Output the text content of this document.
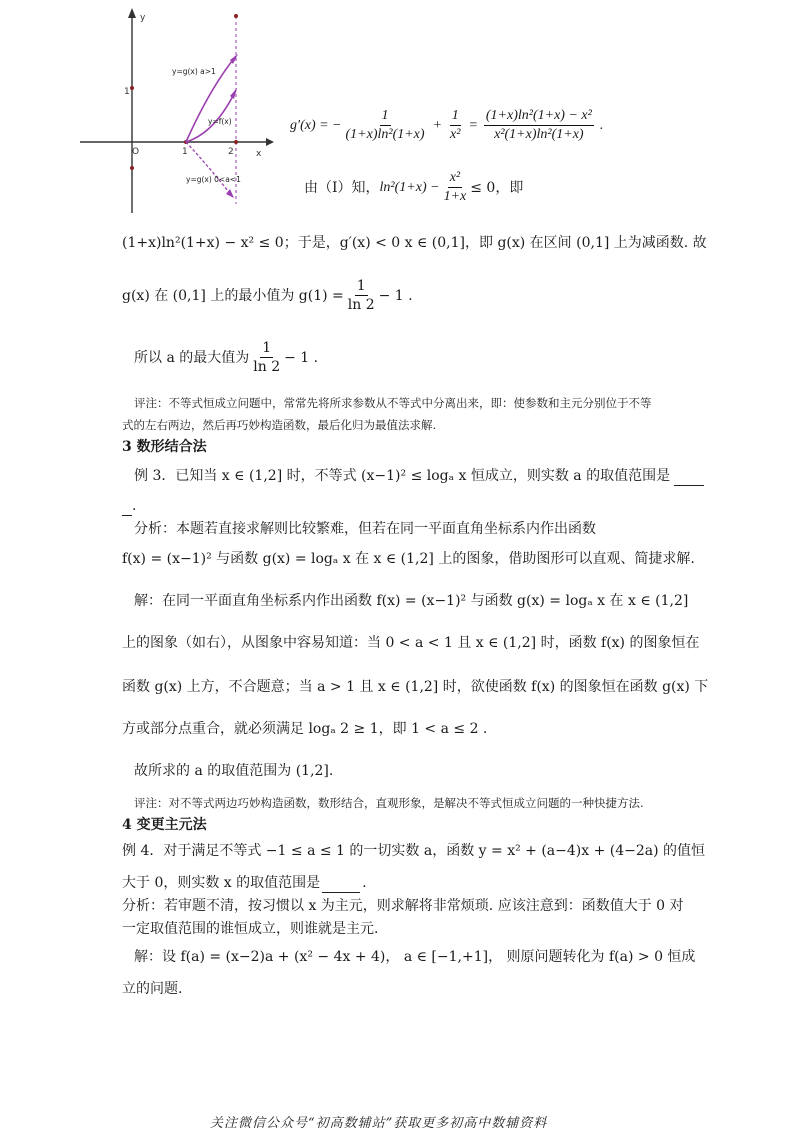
y
x
O	1	2
1
y=g(x) a>1
y=f(x)
y=g(x) 0<a<1
g′(x) = − $\frac{1}{\text{(1+x)ln²(1+x)}} + \frac{1}{\text{x²}} = \frac{\text{(1+x)ln²(1+x) − x²}}{\text{x²(1+x)ln²(1+x)}}$ .
由（I）知， $\ln^2(1+x) - \frac{\text{x²}}{1+x} \le 0$，即
(1+x)ln²(1+x) − x² ≤ 0；于是，g′(x) < 0 x ∈ (0,1]，即 g(x) 在区间 (0,1] 上为减函数. 故
g(x) 在 (0,1] 上的最小值为 $g(1) = \frac{1}{\ln 2} - 1$ .
所以 a 的最大值为 $\frac{1}{\ln 2} - 1$ .
评注：不等式恒成立问题中，常常先将所求参数从不等式中分离出来，即：使参数和主元分别位于不等
式的左右两边，然后再巧妙构造函数，最后化归为最值法求解.
3 数形结合法
例 3．已知当 x ∈ (1,2] 时，不等式 (x−1)² ≤ logₐ x 恒成立，则实数 a 的取值范围是
.
分析：本题若直接求解则比较繁难，但若在同一平面直角坐标系内作出函数
f(x) = (x−1)² 与函数 g(x) = logₐ x 在 x ∈ (1,2] 上的图象，借助图形可以直观、简捷求解.
解：在同一平面直角坐标系内作出函数 f(x) = (x−1)² 与函数 g(x) = logₐ x 在 x ∈ (1,2]
上的图象（如右），从图象中容易知道：当 0 < a < 1 且 x ∈ (1,2] 时，函数 f(x) 的图象恒在
函数 g(x) 上方，不合题意；当 a > 1 且 x ∈ (1,2] 时，欲使函数 f(x) 的图象恒在函数 g(x) 下
方或部分点重合，就必须满足 logₐ 2 ≥ 1，即 1 < a ≤ 2 .
故所求的 a 的取值范围为 (1,2].
评注：对不等式两边巧妙构造函数，数形结合，直观形象，是解决不等式恒成立问题的一种快捷方法.
4 变更主元法
例 4．对于满足不等式 −1 ≤ a ≤ 1 的一切实数 a，函数 y = x² + (a−4)x + (4−2a) 的值恒
大于 0，则实数 x 的取值范围是	.
分析：若审题不清，按习惯以 x 为主元，则求解将非常烦琐. 应该注意到：函数值大于 0 对
一定取值范围的谁恒成立，则谁就是主元.
解：设 f(a) = (x−2)a + (x² − 4x + 4)， a ∈ [−1,+1]， 则原问题转化为 f(a) > 0 恒成
立的问题.
关注微信公众号“初高数辅站”获取更多初高中数辅资料
